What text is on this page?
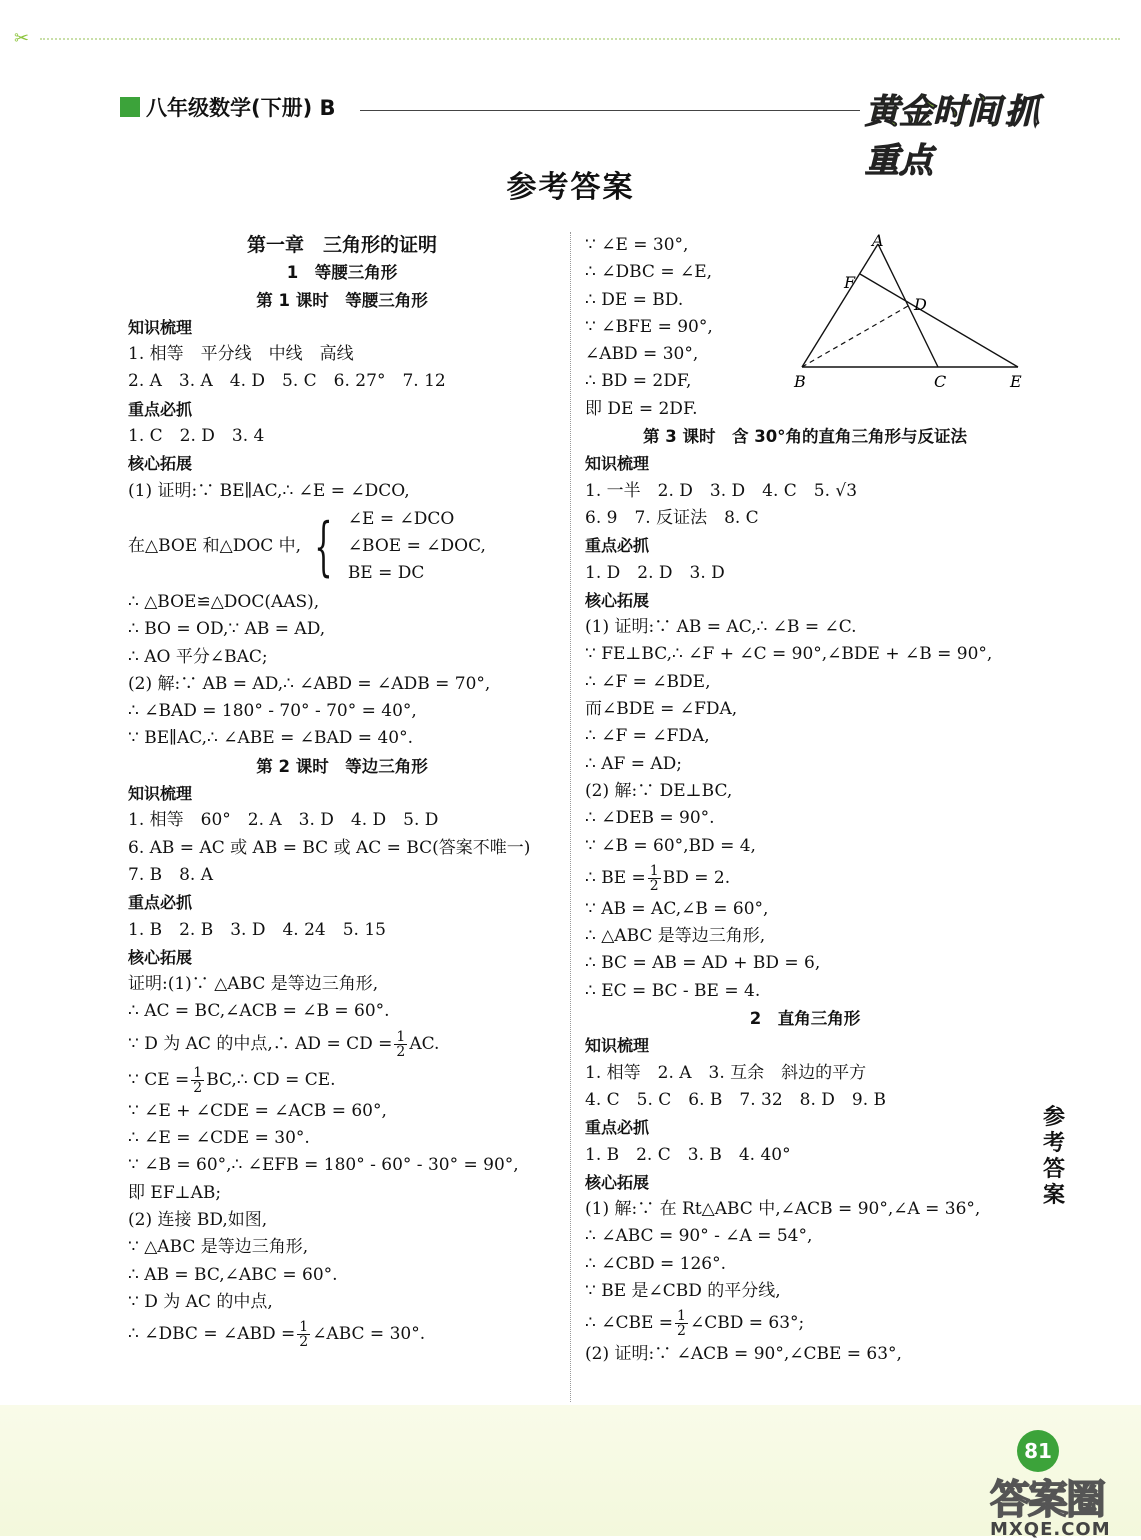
✂
八年级数学(下册) B	黄金时间 抓重点
参考答案
第一章　三角形的证明
1　等腰三角形
第 1 课时　等腰三角形
知识梳理
1. 相等　平分线　中线　高线
2. A　3. A　4. D　5. C　6. 27°　7. 12
重点必抓
1. C　2. D　3. 4
核心拓展
(1) 证明:∵ BE∥AC,∴ ∠E = ∠DCO,
在△BOE 和△DOC 中, { ∠E = ∠DCO
∠BOE = ∠DOC,
BE = DC
∴ △BOE≌△DOC(AAS),
∴ BO = OD,∵ AB = AD,
∴ AO 平分∠BAC;
(2) 解:∵ AB = AD,∴ ∠ABD = ∠ADB = 70°,
∴ ∠BAD = 180° - 70° - 70° = 40°,
∵ BE∥AC,∴ ∠ABE = ∠BAD = 40°.
第 2 课时　等边三角形
知识梳理
1. 相等　60°　2. A　3. D　4. D　5. D
6. AB = AC 或 AB = BC 或 AC = BC(答案不唯一)
7. B　8. A
重点必抓
1. B　2. B　3. D　4. 24　5. 15
核心拓展
证明:(1)∵ △ABC 是等边三角形,
∴ AC = BC,∠ACB = ∠B = 60°.
∵ D 为 AC 的中点,∴ AD = CD = $\frac{1}{2}$ AC.
∵ CE = $\frac{1}{2}$ BC,∴ CD = CE.
∵ ∠E + ∠CDE = ∠ACB = 60°,
∴ ∠E = ∠CDE = 30°.
∵ ∠B = 60°,∴ ∠EFB = 180° - 60° - 30° = 90°,
即 EF⊥AB;
(2) 连接 BD,如图,
∵ △ABC 是等边三角形,
∴ AB = BC,∠ABC = 60°.
∵ D 为 AC 的中点,
∴ ∠DBC = ∠ABD = $\frac{1}{2}$ ∠ABC = 30°.
∵ ∠E = 30°,
∴ ∠DBC = ∠E,
∴ DE = BD.
∵ ∠BFE = 90°,
∠ABD = 30°,
∴ BD = 2DF,
即 DE = 2DF.
第 3 课时　含 30°角的直角三角形与反证法
知识梳理
1. 一半　2. D　3. D　4. C　5. √3
6. 9　7. 反证法　8. C
重点必抓
1. D　2. D　3. D
核心拓展
(1) 证明:∵ AB = AC,∴ ∠B = ∠C.
∵ FE⊥BC,∴ ∠F + ∠C = 90°,∠BDE + ∠B = 90°,
∴ ∠F = ∠BDE,
而∠BDE = ∠FDA,
∴ ∠F = ∠FDA,
∴ AF = AD;
(2) 解:∵ DE⊥BC,
∴ ∠DEB = 90°.
∵ ∠B = 60°,BD = 4,
∴ BE = $\frac{1}{2}$ BD = 2.
∵ AB = AC,∠B = 60°,
∴ △ABC 是等边三角形,
∴ BC = AB = AD + BD = 6,
∴ EC = BC - BE = 4.
2　直角三角形
知识梳理
1. 相等　2. A　3. 互余　斜边的平方
4. C　5. C　6. B　7. 32　8. D　9. B
重点必抓
1. B　2. C　3. B　4. 40°
核心拓展
(1) 解:∵ 在 Rt△ABC 中,∠ACB = 90°,∠A = 36°,
∴ ∠ABC = 90° - ∠A = 54°,
∴ ∠CBD = 126°.
∵ BE 是∠CBD 的平分线,
∴ ∠CBE = $\frac{1}{2}$ ∠CBD = 63°;
(2) 证明:∵ ∠ACB = 90°,∠CBE = 63°,
A
F
D
B	C	E
参考答案
81
答案圈
MXQE.COM
